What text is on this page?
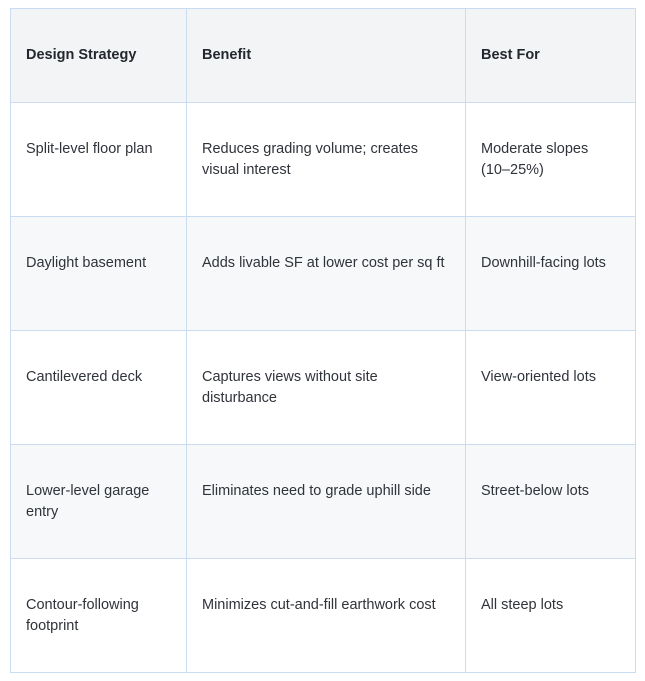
Design Strategy	Benefit	Best For
Split-level floor plan	Reduces grading volume; creates visual interest	Moderate slopes (10–25%)
Daylight basement	Adds livable SF at lower cost per sq ft	Downhill-facing lots
Cantilevered deck	Captures views without site disturbance	View-oriented lots
Lower-level garage entry	Eliminates need to grade uphill side	Street-below lots
Contour-following footprint	Minimizes cut-and-fill earthwork cost	All steep lots
